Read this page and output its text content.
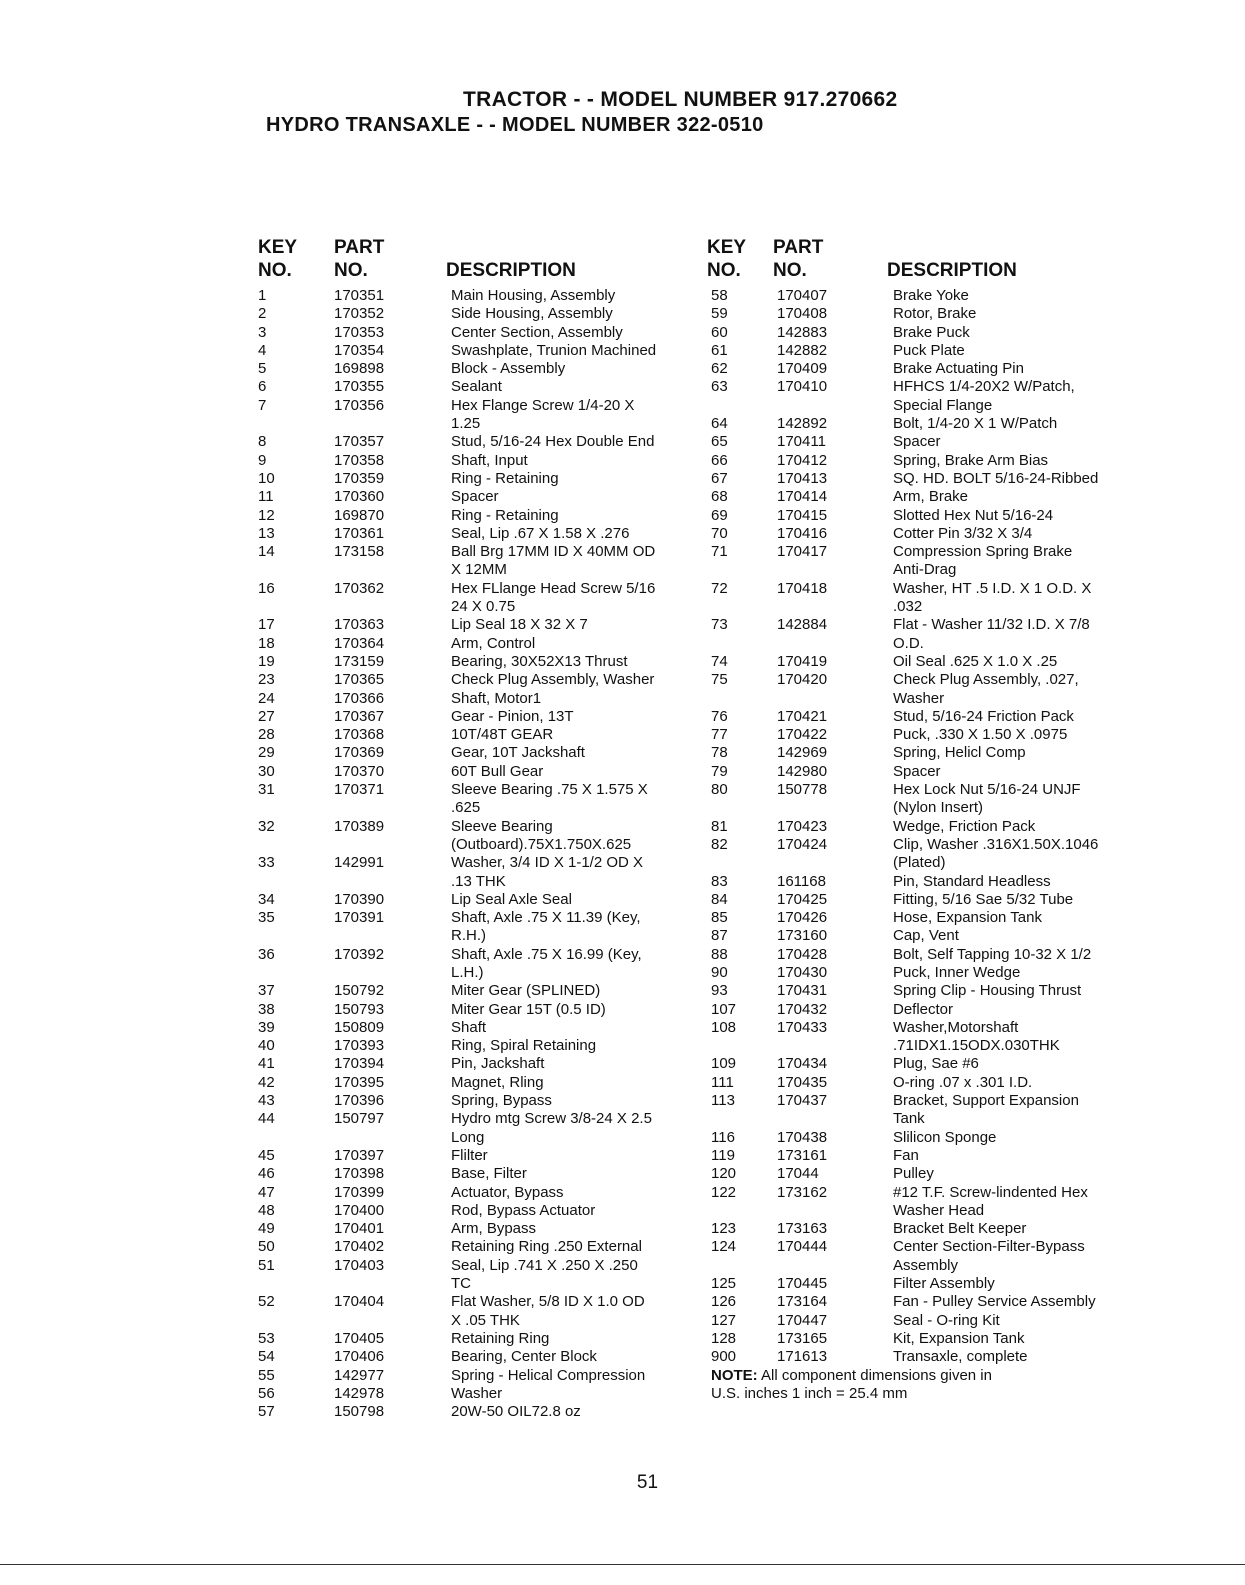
TRACTOR - - MODEL NUMBER 917.270662
HYDRO TRANSAXLE - - MODEL NUMBER 322-0510
KEY PART
NO. NO.	DESCRIPTION
1	170351	Main Housing, Assembly
2	170352	Side Housing, Assembly
3	170353	Center Section, Assembly
4	170354	Swashplate, Trunion Machined
5	169898	Block - Assembly
6	170355	Sealant
7	170356	Hex Flange Screw 1/4-20 X
1.25
8	170357	Stud, 5/16-24 Hex Double End
9	170358	Shaft, Input
10	170359	Ring - Retaining
11	170360	Spacer
12	169870	Ring - Retaining
13	170361	Seal, Lip .67 X 1.58 X .276
14	173158	Ball Brg 17MM ID X 40MM OD
X 12MM
16	170362	Hex FLlange Head Screw 5/16
24 X 0.75
17	170363	Lip Seal 18 X 32 X 7
18	170364	Arm, Control
19	173159	Bearing, 30X52X13 Thrust
23	170365	Check Plug Assembly, Washer
24	170366	Shaft, Motor1
27	170367	Gear - Pinion, 13T
28	170368	10T/48T GEAR
29	170369	Gear, 10T Jackshaft
30	170370	60T Bull Gear
31	170371	Sleeve Bearing .75 X 1.575 X
.625
32	170389	Sleeve Bearing
(Outboard).75X1.750X.625
33	142991	Washer, 3/4 ID X 1-1/2 OD X
.13 THK
34	170390	Lip Seal Axle Seal
35	170391	Shaft, Axle .75 X 11.39 (Key,
R.H.)
36	170392	Shaft, Axle .75 X 16.99 (Key,
L.H.)
37	150792	Miter Gear (SPLINED)
38	150793	Miter Gear 15T (0.5 ID)
39	150809	Shaft
40	170393	Ring, Spiral Retaining
41	170394	Pin, Jackshaft
42	170395	Magnet, Rling
43	170396	Spring, Bypass
44	150797	Hydro mtg Screw 3/8-24 X 2.5
Long
45	170397	Flilter
46	170398	Base, Filter
47	170399	Actuator, Bypass
48	170400	Rod, Bypass Actuator
49	170401	Arm, Bypass
50	170402	Retaining Ring .250 External
51	170403	Seal, Lip .741 X .250 X .250
TC
52	170404	Flat Washer, 5/8 ID X 1.0 OD
X .05 THK
53	170405	Retaining Ring
54	170406	Bearing, Center Block
55	142977	Spring - Helical Compression
56	142978	Washer
57	150798	20W-50 OIL72.8 oz
KEY PART
NO. NO.	DESCRIPTION
58	170407	Brake Yoke
59	170408	Rotor, Brake
60	142883	Brake Puck
61	142882	Puck Plate
62	170409	Brake Actuating Pin
63	170410	HFHCS 1/4-20X2 W/Patch,
Special Flange
64	142892	Bolt, 1/4-20 X 1 W/Patch
65	170411	Spacer
66	170412	Spring, Brake Arm Bias
67	170413	SQ. HD. BOLT 5/16-24-Ribbed
68	170414	Arm, Brake
69	170415	Slotted Hex Nut 5/16-24
70	170416	Cotter Pin 3/32 X 3/4
71	170417	Compression Spring Brake
Anti-Drag
72	170418	Washer, HT .5 I.D. X 1 O.D. X
.032
73	142884	Flat - Washer 11/32 I.D. X 7/8
O.D.
74	170419	Oil Seal .625 X 1.0 X .25
75	170420	Check Plug Assembly, .027,
Washer
76	170421	Stud, 5/16-24 Friction Pack
77	170422	Puck, .330 X 1.50 X .0975
78	142969	Spring, Helicl Comp
79	142980	Spacer
80	150778	Hex Lock Nut 5/16-24 UNJF
(Nylon Insert)
81	170423	Wedge, Friction Pack
82	170424	Clip, Washer .316X1.50X.1046
(Plated)
83	161168	Pin, Standard Headless
84	170425	Fitting, 5/16 Sae 5/32 Tube
85	170426	Hose, Expansion Tank
87	173160	Cap, Vent
88	170428	Bolt, Self Tapping 10-32 X 1/2
90	170430	Puck, Inner Wedge
93	170431	Spring Clip - Housing Thrust
107	170432	Deflector
108	170433	Washer,Motorshaft
.71IDX1.15ODX.030THK
109	170434	Plug, Sae #6
111	170435	O-ring .07 x .301 I.D.
113	170437	Bracket, Support Expansion
Tank
116	170438	Slilicon Sponge
119	173161	Fan
120	17044	Pulley
122	173162	#12 T.F. Screw-lindented Hex
Washer Head
123	173163	Bracket Belt Keeper
124	170444	Center Section-Filter-Bypass
Assembly
125	170445	Filter Assembly
126	173164	Fan - Pulley Service Assembly
127	170447	Seal - O-ring Kit
128	173165	Kit, Expansion Tank
900	171613	Transaxle, complete
NOTE: All component dimensions given in
U.S. inches 1 inch = 25.4 mm
51
